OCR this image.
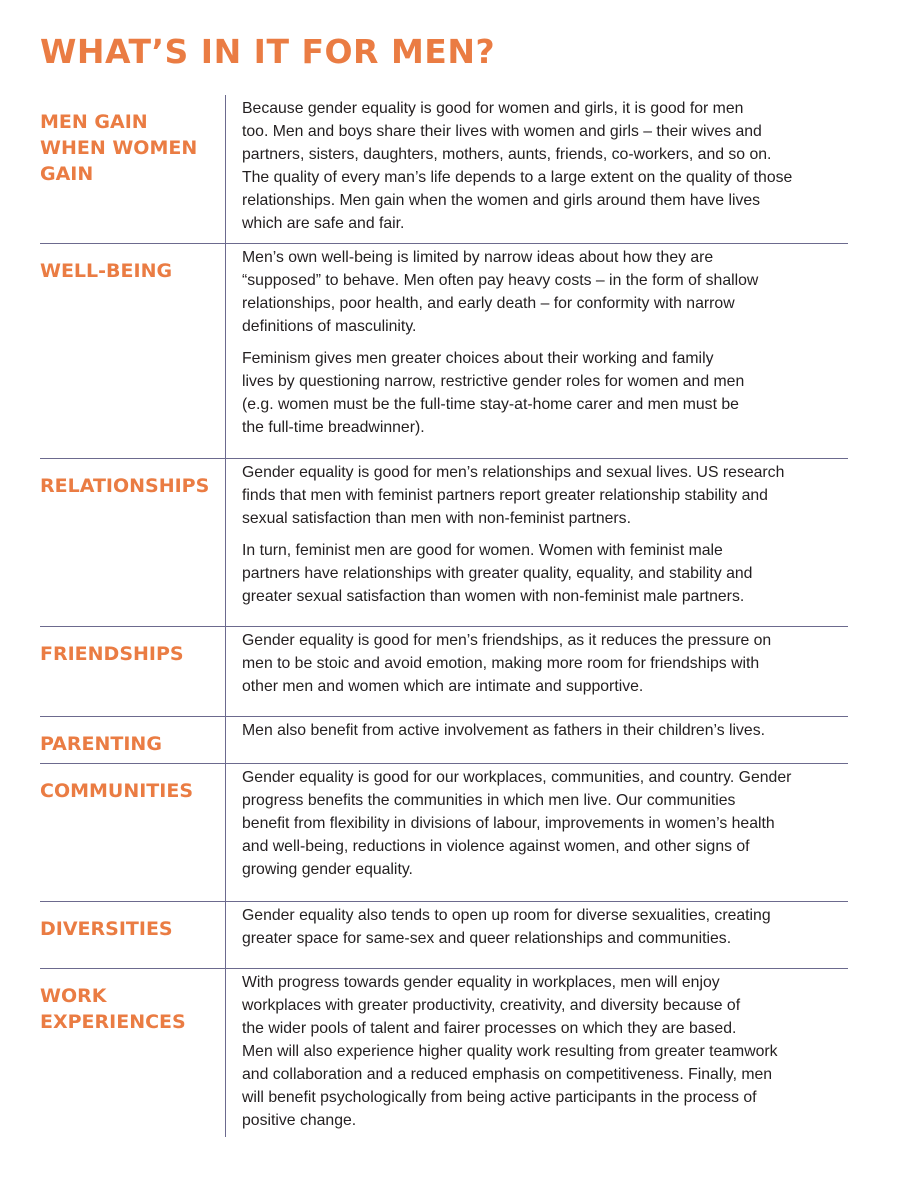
WHAT’S IN IT FOR MEN?
MEN GAIN
WHEN WOMEN
GAIN

Because gender equality is good for women and girls, it is good for men
too. Men and boys share their lives with women and girls – their wives and
partners, sisters, daughters, mothers, aunts, friends, co-workers, and so on.
The quality of every man’s life depends to a large extent on the quality of those
relationships. Men gain when the women and girls around them have lives
which are safe and fair.

WELL-BEING

Men’s own well-being is limited by narrow ideas about how they are
“supposed” to behave. Men often pay heavy costs – in the form of shallow
relationships, poor health, and early death – for conformity with narrow
definitions of masculinity.

Feminism gives men greater choices about their working and family
lives by questioning narrow, restrictive gender roles for women and men
(e.g. women must be the full-time stay-at-home carer and men must be
the full-time breadwinner).

RELATIONSHIPS

Gender equality is good for men’s relationships and sexual lives. US research
finds that men with feminist partners report greater relationship stability and
sexual satisfaction than men with non-feminist partners.

In turn, feminist men are good for women. Women with feminist male
partners have relationships with greater quality, equality, and stability and
greater sexual satisfaction than women with non-feminist male partners.

FRIENDSHIPS

Gender equality is good for men’s friendships, as it reduces the pressure on
men to be stoic and avoid emotion, making more room for friendships with
other men and women which are intimate and supportive.

PARENTING

Men also benefit from active involvement as fathers in their children’s lives.

COMMUNITIES

Gender equality is good for our workplaces, communities, and country. Gender
progress benefits the communities in which men live. Our communities
benefit from flexibility in divisions of labour, improvements in women’s health
and well-being, reductions in violence against women, and other signs of
growing gender equality.

DIVERSITIES

Gender equality also tends to open up room for diverse sexualities, creating
greater space for same-sex and queer relationships and communities.

WORK
EXPERIENCES

With progress towards gender equality in workplaces, men will enjoy
workplaces with greater productivity, creativity, and diversity because of
the wider pools of talent and fairer processes on which they are based.
Men will also experience higher quality work resulting from greater teamwork
and collaboration and a reduced emphasis on competitiveness. Finally, men
will benefit psychologically from being active participants in the process of
positive change.
